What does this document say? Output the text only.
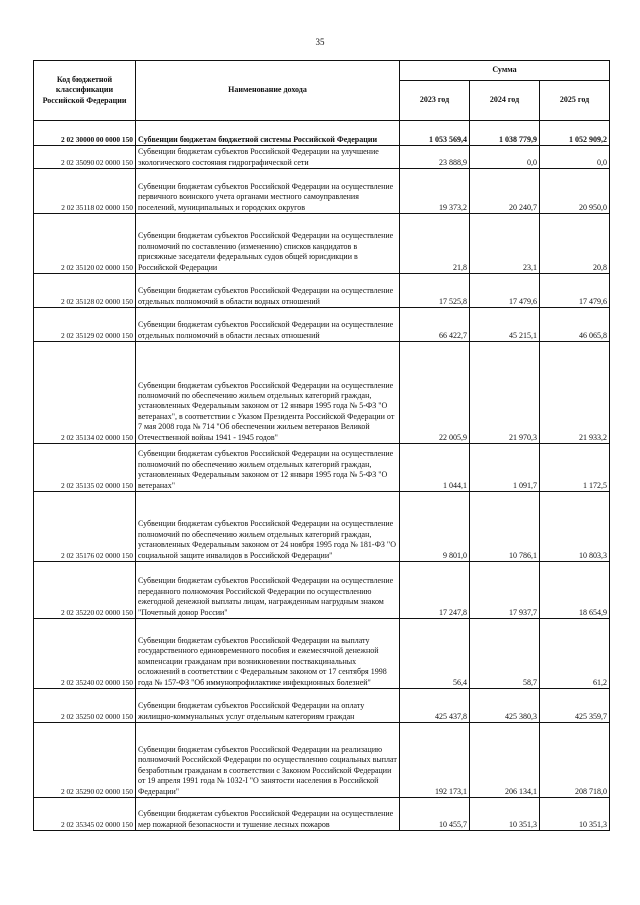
35
Код бюджетной классификации Российской Федерации	Наименование дохода	Сумма		
		2023 год	2024 год	2025 год
2 02 30000 00 0000 150	Субвенции бюджетам бюджетной системы Российской Федерации	1 053 569,4	1 038 779,9	1 052 909,2
2 02 35090 02 0000 150	Субвенции бюджетам субъектов Российской Федерации на улучшение экологического состояния гидрографической сети	23 888,9	0,0	0,0
2 02 35118 02 0000 150	Субвенции бюджетам субъектов Российской Федерации на осуществление первичного воинского учета органами местного самоуправления поселений, муниципальных и городских округов	19 373,2	20 240,7	20 950,0
2 02 35120 02 0000 150	Субвенции бюджетам субъектов Российской Федерации на осуществление полномочий по составлению (изменению) списков кандидатов в присяжные заседатели федеральных судов общей юрисдикции в Российской Федерации	21,8	23,1	20,8
2 02 35128 02 0000 150	Субвенции бюджетам субъектов Российской Федерации на осуществление отдельных полномочий в области водных отношений	17 525,8	17 479,6	17 479,6
2 02 35129 02 0000 150	Субвенции бюджетам субъектов Российской Федерации на осуществление отдельных полномочий в области лесных отношений	66 422,7	45 215,1	46 065,8
2 02 35134 02 0000 150	Субвенции бюджетам субъектов Российской Федерации на осуществление полномочий по обеспечению жильем отдельных категорий граждан, установленных Федеральным законом от 12 января 1995 года № 5-ФЗ "О ветеранах", в соответствии с Указом Президента Российской Федерации от 7 мая 2008 года № 714 "Об обеспечении жильем ветеранов Великой Отечественной войны 1941 - 1945 годов"	22 005,9	21 970,3	21 933,2
2 02 35135 02 0000 150	Субвенции бюджетам субъектов Российской Федерации на осуществление полномочий по обеспечению жильем отдельных категорий граждан, установленных Федеральным законом от 12 января 1995 года № 5-ФЗ "О ветеранах"	1 044,1	1 091,7	1 172,5
2 02 35176 02 0000 150	Субвенции бюджетам субъектов Российской Федерации на осуществление полномочий по обеспечению жильем отдельных категорий граждан, установленных Федеральным законом от 24 ноября 1995 года № 181-ФЗ "О социальной защите инвалидов в Российской Федерации"	9 801,0	10 786,1	10 803,3
2 02 35220 02 0000 150	Субвенции бюджетам субъектов Российской Федерации на осуществление переданного полномочия Российской Федерации по осуществлению ежегодной денежной выплаты лицам, награжденным нагрудным знаком "Почетный донор России"	17 247,8	17 937,7	18 654,9
2 02 35240 02 0000 150	Субвенции бюджетам субъектов Российской Федерации на выплату государственного единовременного пособия и ежемесячной денежной компенсации гражданам при возникновении поствакцинальных осложнений в соответствии с Федеральным законом от 17 сентября 1998 года № 157-ФЗ "Об иммунопрофилактике инфекционных болезней"	56,4	58,7	61,2
2 02 35250 02 0000 150	Субвенции бюджетам субъектов Российской Федерации на оплату жилищно-коммунальных услуг отдельным категориям граждан	425 437,8	425 380,3	425 359,7
2 02 35290 02 0000 150	Субвенции бюджетам субъектов Российской Федерации на реализацию полномочий Российской Федерации по осуществлению социальных выплат безработным гражданам в соответствии с Законом Российской Федерации от 19 апреля 1991 года № 1032-I "О занятости населения в Российской Федерации"	192 173,1	206 134,1	208 718,0
2 02 35345 02 0000 150	Субвенции бюджетам субъектов Российской Федерации на осуществление мер пожарной безопасности и тушение лесных пожаров	10 455,7	10 351,3	10 351,3
